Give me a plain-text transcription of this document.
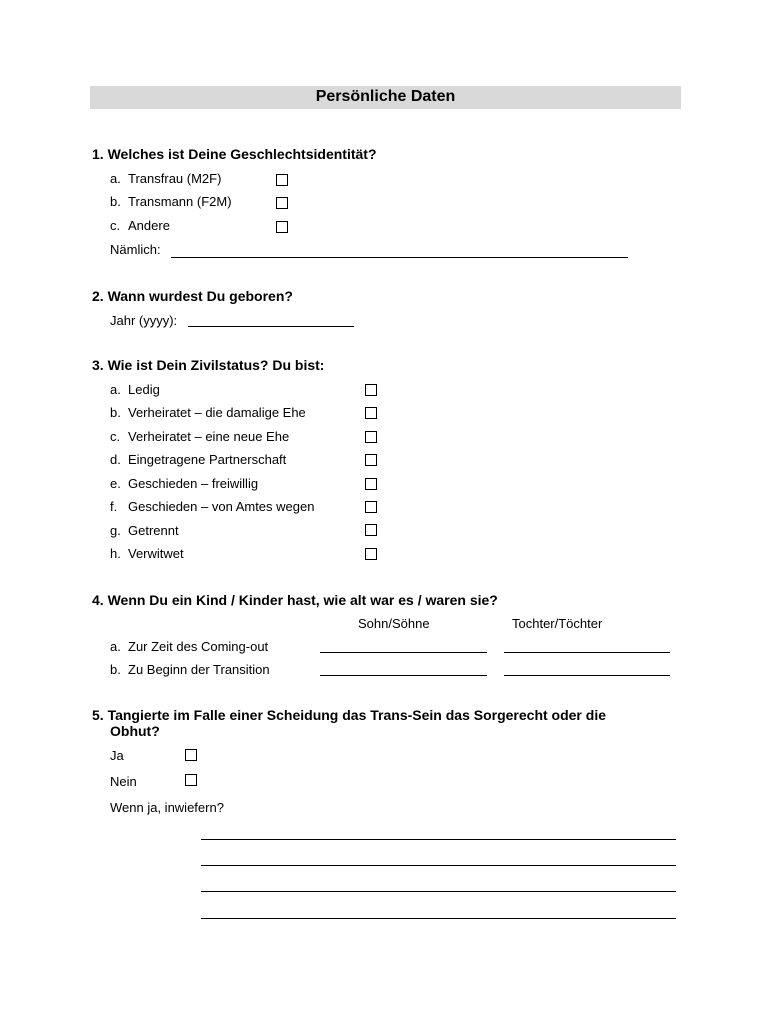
Persönliche Daten
1. Welches ist Deine Geschlechtsidentität?
a. Transfrau (M2F)
b. Transmann (F2M)
c. Andere
Nämlich:
2. Wann wurdest Du geboren?
Jahr (yyyy):
3. Wie ist Dein Zivilstatus? Du bist:
a. Ledig
b. Verheiratet – die damalige Ehe
c. Verheiratet – eine neue Ehe
d. Eingetragene Partnerschaft
e. Geschieden – freiwillig
f. Geschieden – von Amtes wegen
g. Getrennt
h. Verwitwet
4. Wenn Du ein Kind / Kinder hast, wie alt war es / waren sie?
Sohn/Söhne	Tochter/Töchter
a. Zur Zeit des Coming-out
b. Zu Beginn der Transition
5. Tangierte im Falle einer Scheidung das Trans-Sein das Sorgerecht oder die
Obhut?
Ja
Nein
Wenn ja, inwiefern?
